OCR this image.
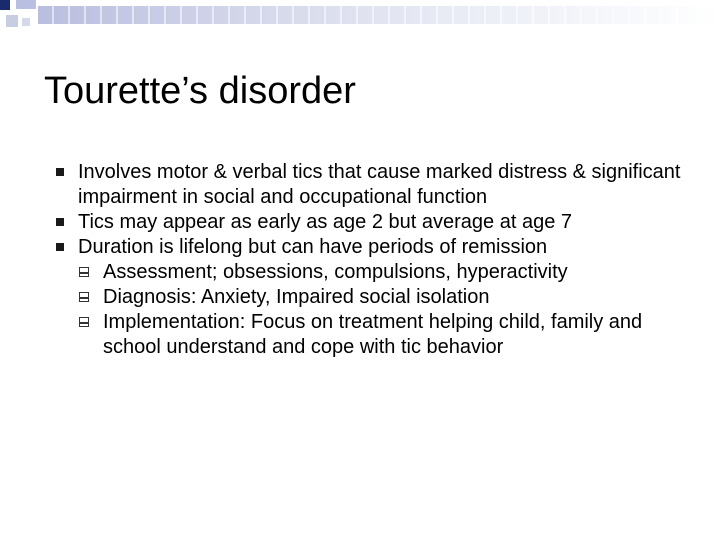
Tourette’s disorder
Involves motor & verbal tics that cause marked distress & significant impairment in social and occupational function
Tics may appear as early as age 2 but average at age 7
Duration is lifelong but can have periods of remission
Assessment; obsessions, compulsions, hyperactivity
Diagnosis: Anxiety, Impaired social isolation
Implementation: Focus on treatment helping child, family and school understand and cope with tic behavior
